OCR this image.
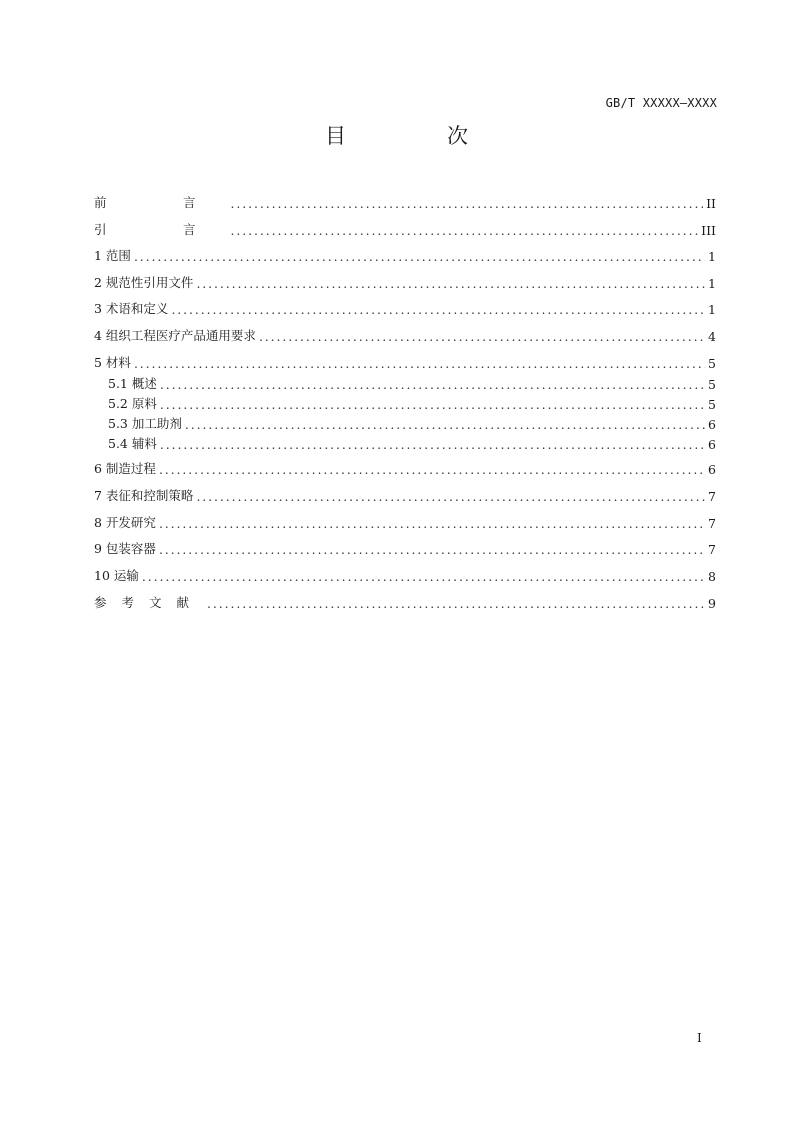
GB/T XXXXX—XXXX
目　次
前　言 .....	II
引　言 .....	III
1 范围 .....	1
2 规范性引用文件 .....	1
3 术语和定义 .....	1
4 组织工程医疗产品通用要求 .....	4
5 材料 .....	5
5.1 概述 .....	5
5.2 原料 .....	5
5.3 加工助剂 .....	6
5.4 辅料 .....	6
6 制造过程 .....	6
7 表征和控制策略 .....	7
8 开发研究 .....	7
9 包装容器 .....	7
10 运输 .....	8
参考文献 .....	9
I
